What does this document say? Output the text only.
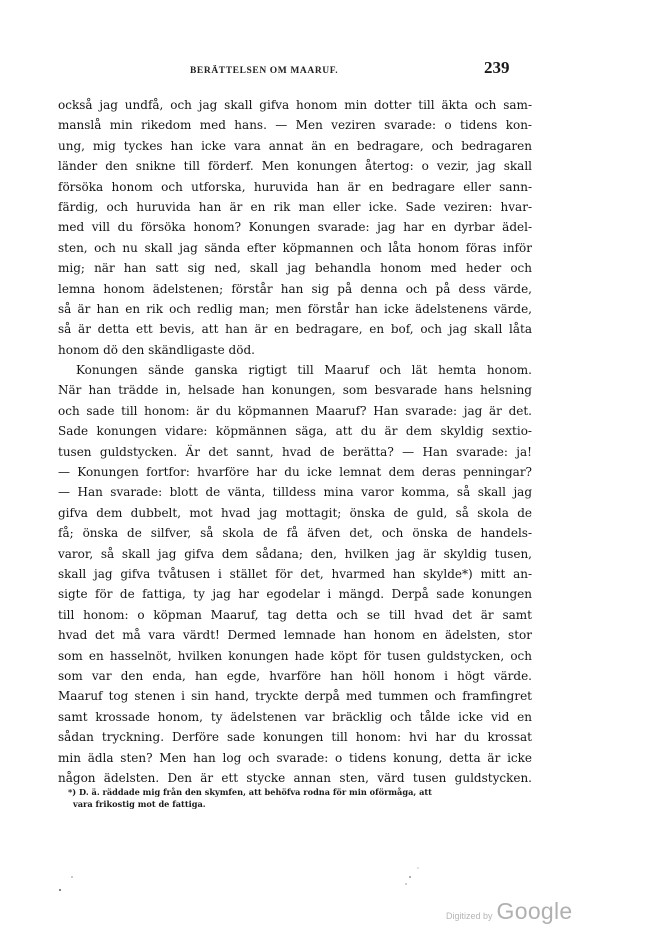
BERÄTTELSEN OM MAARUF.	239
också jag undfå, och jag skall gifva honom min dotter till äkta och sam-
manslå min rikedom med hans. — Men veziren svarade: o tidens kon-
ung, mig tyckes han icke vara annat än en bedragare, och bedragaren
länder den snikne till förderf. Men konungen återtog: o vezir, jag skall
försöka honom och utforska, huruvida han är en bedragare eller sann-
färdig, och huruvida han är en rik man eller icke. Sade veziren: hvar-
med vill du försöka honom? Konungen svarade: jag har en dyrbar ädel-
sten, och nu skall jag sända efter köpmannen och låta honom föras inför
mig; när han satt sig ned, skall jag behandla honom med heder och
lemna honom ädelstenen; förstår han sig på denna och på dess värde,
så är han en rik och redlig man; men förstår han icke ädelstenens värde,
så är detta ett bevis, att han är en bedragare, en bof, och jag skall låta
honom dö den skändligaste död.
Konungen sände ganska rigtigt till Maaruf och lät hemta honom.
När han trädde in, helsade han konungen, som besvarade hans helsning
och sade till honom: är du köpmannen Maaruf? Han svarade: jag är det.
Sade konungen vidare: köpmännen säga, att du är dem skyldig sextio-
tusen guldstycken. Är det sannt, hvad de berätta? — Han svarade: ja!
— Konungen fortfor: hvarföre har du icke lemnat dem deras penningar?
— Han svarade: blott de vänta, tilldess mina varor komma, så skall jag
gifva dem dubbelt, mot hvad jag mottagit; önska de guld, så skola de
få; önska de silfver, så skola de få äfven det, och önska de handels-
varor, så skall jag gifva dem sådana; den, hvilken jag är skyldig tusen,
skall jag gifva tvåtusen i stället för det, hvarmed han skylde*) mitt an-
sigte för de fattiga, ty jag har egodelar i mängd. Derpå sade konungen
till honom: o köpman Maaruf, tag detta och se till hvad det är samt
hvad det må vara värdt! Dermed lemnade han honom en ädelsten, stor
som en hasselnöt, hvilken konungen hade köpt för tusen guldstycken, och
som var den enda, han egde, hvarföre han höll honom i högt värde.
Maaruf tog stenen i sin hand, tryckte derpå med tummen och framfingret
samt krossade honom, ty ädelstenen var bräcklig och tålde icke vid en
sådan tryckning. Derföre sade konungen till honom: hvi har du krossat
min ädla sten? Men han log och svarade: o tidens konung, detta är icke
någon ädelsten. Den är ett stycke annan sten, värd tusen guldstycken.
*) D. ä. räddade mig från den skymfen, att behöfva rodna för min oförmåga, att
vara frikostig mot de fattiga.
Digitized by Google
